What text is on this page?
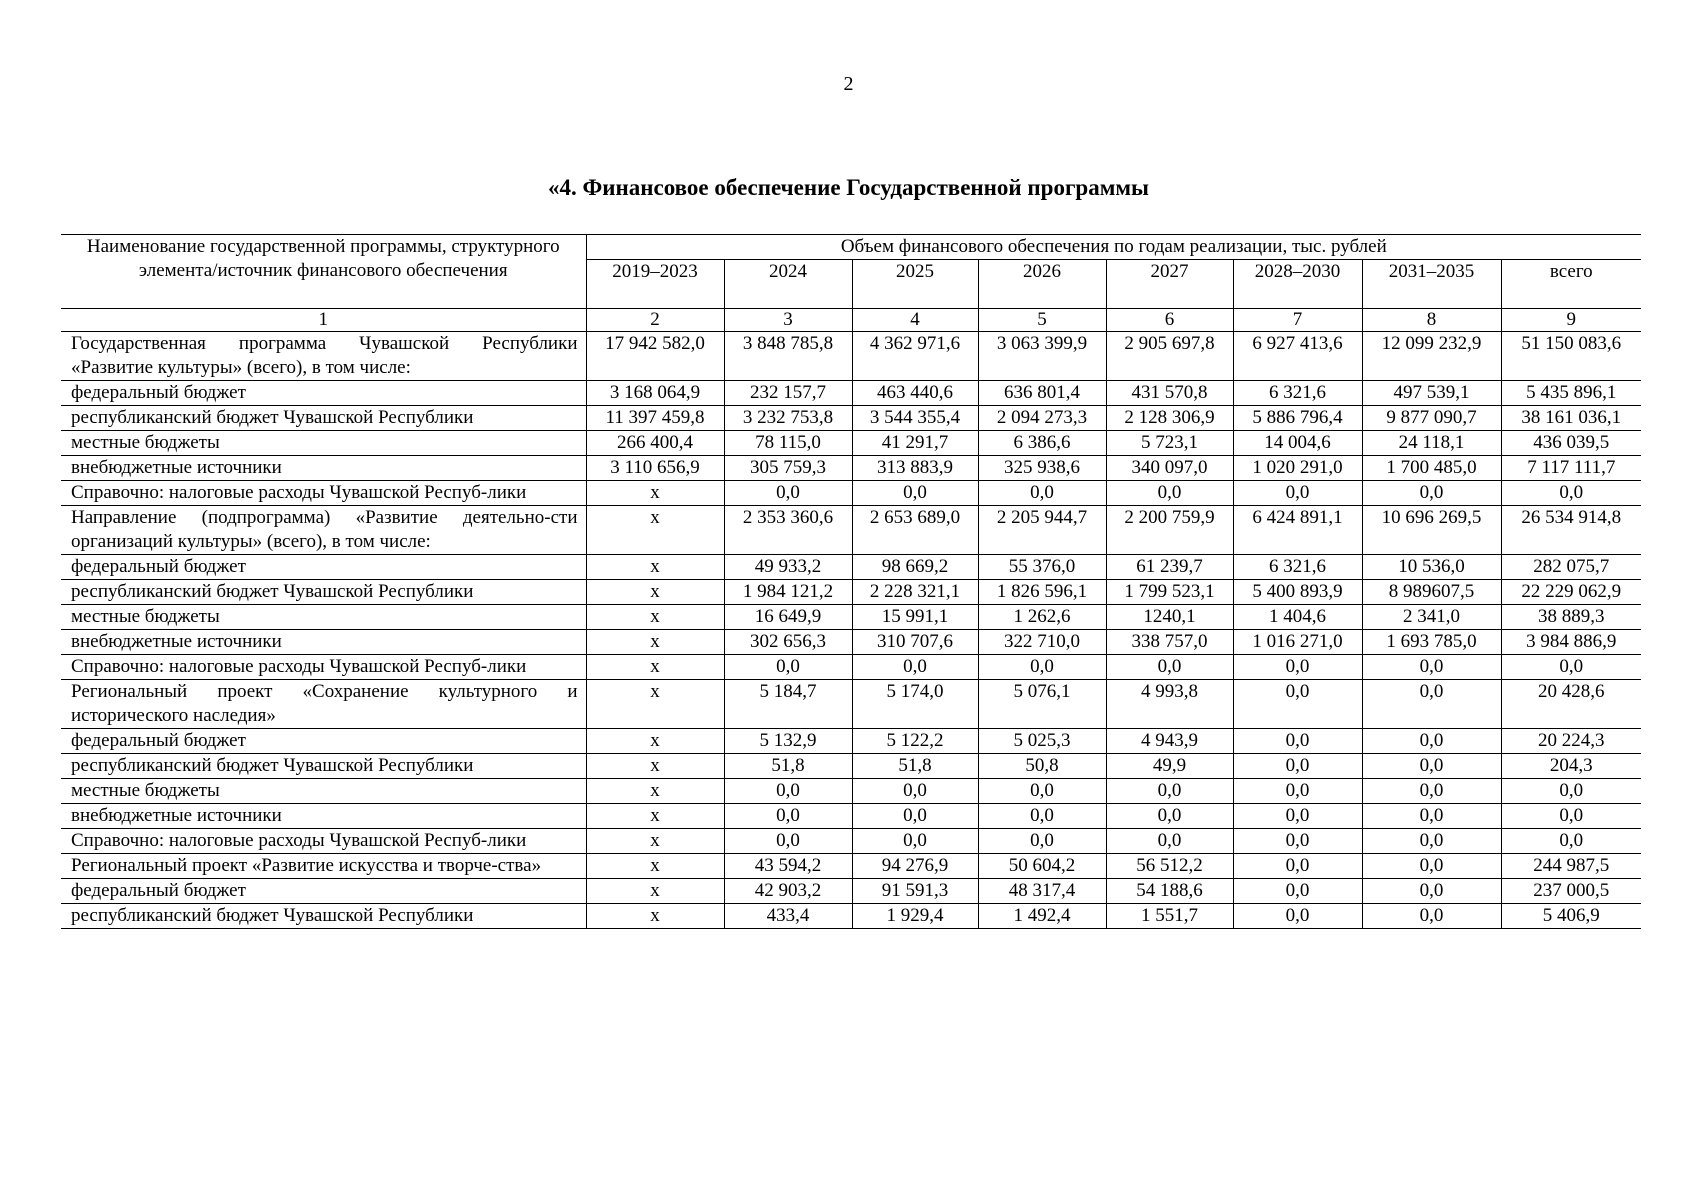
2
«4. Финансовое обеспечение Государственной программы
Наименование государственной программы, структурного элемента/источник финансового обеспечения	Объем финансового обеспечения по годам реализации, тыс. рублей							
	2019–2023	2024	2025	2026	2027	2028–2030	2031–2035	всего
1	2	3	4	5	6	7	8	9
Государственная программа Чувашской Республики «Развитие культуры» (всего), в том числе:	17 942 582,0	3 848 785,8	4 362 971,6	3 063 399,9	2 905 697,8	6 927 413,6	12 099 232,9	51 150 083,6
федеральный бюджет	3 168 064,9	232 157,7	463 440,6	636 801,4	431 570,8	6 321,6	497 539,1	5 435 896,1
республиканский бюджет Чувашской Республики	11 397 459,8	3 232 753,8	3 544 355,4	2 094 273,3	2 128 306,9	5 886 796,4	9 877 090,7	38 161 036,1
местные бюджеты	266 400,4	78 115,0	41 291,7	6 386,6	5 723,1	14 004,6	24 118,1	436 039,5
внебюджетные источники	3 110 656,9	305 759,3	313 883,9	325 938,6	340 097,0	1 020 291,0	1 700 485,0	7 117 111,7
Справочно: налоговые расходы Чувашской Респуб-лики	х	0,0	0,0	0,0	0,0	0,0	0,0	0,0
Направление (подпрограмма) «Развитие деятельно-сти организаций культуры» (всего), в том числе:	х	2 353 360,6	2 653 689,0	2 205 944,7	2 200 759,9	6 424 891,1	10 696 269,5	26 534 914,8
федеральный бюджет	х	49 933,2	98 669,2	55 376,0	61 239,7	6 321,6	10 536,0	282 075,7
республиканский бюджет Чувашской Республики	х	1 984 121,2	2 228 321,1	1 826 596,1	1 799 523,1	5 400 893,9	8 989607,5	22 229 062,9
местные бюджеты	х	16 649,9	15 991,1	1 262,6	1240,1	1 404,6	2 341,0	38 889,3
внебюджетные источники	х	302 656,3	310 707,6	322 710,0	338 757,0	1 016 271,0	1 693 785,0	3 984 886,9
Справочно: налоговые расходы Чувашской Респуб-лики	х	0,0	0,0	0,0	0,0	0,0	0,0	0,0
Региональный проект «Сохранение культурного и исторического наследия»	х	5 184,7	5 174,0	5 076,1	4 993,8	0,0	0,0	20 428,6
федеральный бюджет	х	5 132,9	5 122,2	5 025,3	4 943,9	0,0	0,0	20 224,3
республиканский бюджет Чувашской Республики	х	51,8	51,8	50,8	49,9	0,0	0,0	204,3
местные бюджеты	х	0,0	0,0	0,0	0,0	0,0	0,0	0,0
внебюджетные источники	х	0,0	0,0	0,0	0,0	0,0	0,0	0,0
Справочно: налоговые расходы Чувашской Респуб-лики	х	0,0	0,0	0,0	0,0	0,0	0,0	0,0
Региональный проект «Развитие искусства и творче-ства»	х	43 594,2	94 276,9	50 604,2	56 512,2	0,0	0,0	244 987,5
федеральный бюджет	х	42 903,2	91 591,3	48 317,4	54 188,6	0,0	0,0	237 000,5
республиканский бюджет Чувашской Республики	х	433,4	1 929,4	1 492,4	1 551,7	0,0	0,0	5 406,9
